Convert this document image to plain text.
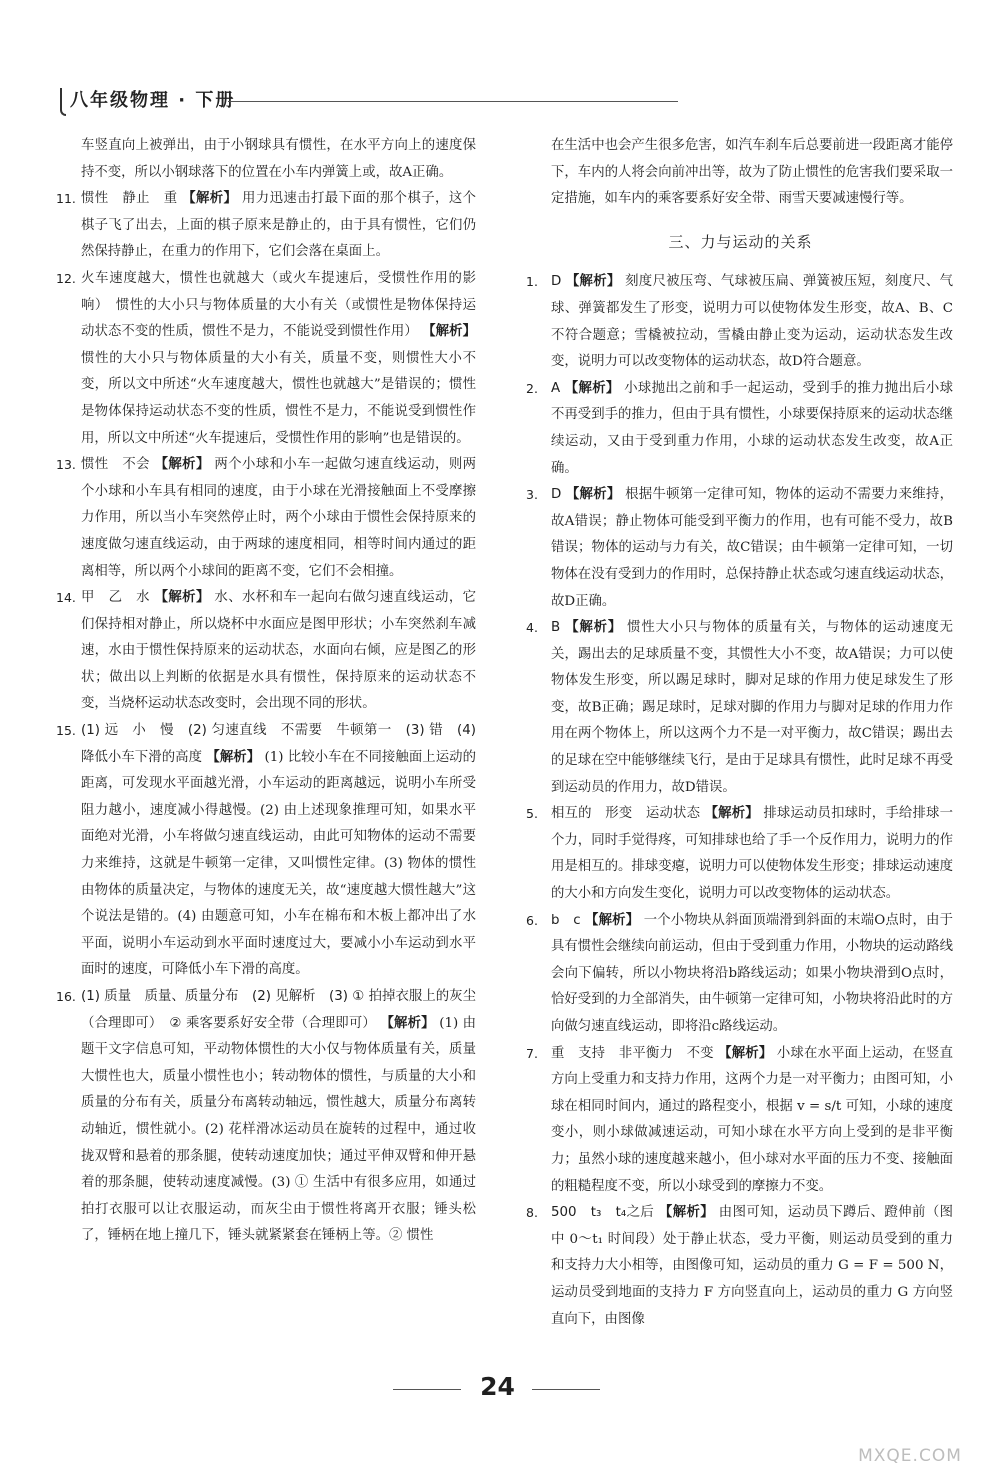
八年级物理 · 下册

车竖直向上被弹出，由于小钢球具有惯性，在水平方向上的速度保持不变，所以小钢球落下的位置在小车内弹簧上或，故A正确。

11. 惯性　静止　重 【解析】 用力迅速击打最下面的那个棋子，这个棋子飞了出去，上面的棋子原来是静止的，由于具有惯性，它们仍然保持静止，在重力的作用下，它们会落在桌面上。

12. 火车速度越大，惯性也就越大（或火车提速后，受惯性作用的影响）　惯性的大小只与物体质量的大小有关（或惯性是物体保持运动状态不变的性质，惯性不是力，不能说受到惯性作用） 【解析】 惯性的大小只与物体质量的大小有关，质量不变，则惯性大小不变，所以文中所述“火车速度越大，惯性也就越大”是错误的；惯性是物体保持运动状态不变的性质，惯性不是力，不能说受到惯性作用，所以文中所述“火车提速后，受惯性作用的影响”也是错误的。

13. 惯性　不会 【解析】 两个小球和小车一起做匀速直线运动，则两个小球和小车具有相同的速度，由于小球在光滑接触面上不受摩擦力作用，所以当小车突然停止时，两个小球由于惯性会保持原来的速度做匀速直线运动，由于两球的速度相同，相等时间内通过的距离相等，所以两个小球间的距离不变，它们不会相撞。

14. 甲　乙　水 【解析】 水、水杯和车一起向右做匀速直线运动，它们保持相对静止，所以烧杯中水面应是图甲形状；小车突然刹车减速，水由于惯性保持原来的运动状态，水面向右倾，应是图乙的形状；做出以上判断的依据是水具有惯性，保持原来的运动状态不变，当烧杯运动状态改变时，会出现不同的形状。

15. (1) 远　小　慢　(2) 匀速直线　不需要　牛顿第一　(3) 错　(4) 降低小车下滑的高度 【解析】 (1) 比较小车在不同接触面上运动的距离，可发现水平面越光滑，小车运动的距离越远，说明小车所受阻力越小，速度减小得越慢。(2) 由上述现象推理可知，如果水平面绝对光滑，小车将做匀速直线运动，由此可知物体的运动不需要力来维持，这就是牛顿第一定律，又叫惯性定律。(3) 物体的惯性由物体的质量决定，与物体的速度无关，故“速度越大惯性越大”这个说法是错的。(4) 由题意可知，小车在棉布和木板上都冲出了水平面，说明小车运动到水平面时速度过大，要减小小车运动到水平面时的速度，可降低小车下滑的高度。

16. (1) 质量　质量、质量分布　(2) 见解析　(3) ① 拍掉衣服上的灰尘（合理即可）　② 乘客要系好安全带（合理即可） 【解析】 (1) 由题干文字信息可知，平动物体惯性的大小仅与物体质量有关，质量大惯性也大，质量小惯性也小；转动物体的惯性，与质量的大小和质量的分布有关，质量分布离转动轴远，惯性越大，质量分布离转动轴近，惯性就小。(2) 花样滑冰运动员在旋转的过程中，通过收拢双臂和悬着的那条腿，使转动速度加快；通过平伸双臂和伸开悬着的那条腿，使转动速度减慢。(3) ① 生活中有很多应用，如通过拍打衣服可以让衣服运动，而灰尘由于惯性将离开衣服；锤头松了，锤柄在地上撞几下，锤头就紧紧套在锤柄上等。② 惯性

在生活中也会产生很多危害，如汽车刹车后总要前进一段距离才能停下，车内的人将会向前冲出等，故为了防止惯性的危害我们要采取一定措施，如车内的乘客要系好安全带、雨雪天要减速慢行等。

三、力与运动的关系

1. D 【解析】 刻度尺被压弯、气球被压扁、弹簧被压短，刻度尺、气球、弹簧都发生了形变，说明力可以使物体发生形变，故A、B、C不符合题意；雪橇被拉动，雪橇由静止变为运动，运动状态发生改变，说明力可以改变物体的运动状态，故D符合题意。

2. A 【解析】 小球抛出之前和手一起运动，受到手的推力抛出后小球不再受到手的推力，但由于具有惯性，小球要保持原来的运动状态继续运动，又由于受到重力作用，小球的运动状态发生改变，故A正确。

3. D 【解析】 根据牛顿第一定律可知，物体的运动不需要力来维持，故A错误；静止物体可能受到平衡力的作用，也有可能不受力，故B错误；物体的运动与力有关，故C错误；由牛顿第一定律可知，一切物体在没有受到力的作用时，总保持静止状态或匀速直线运动状态，故D正确。

4. B 【解析】 惯性大小只与物体的质量有关，与物体的运动速度无关，踢出去的足球质量不变，其惯性大小不变，故A错误；力可以使物体发生形变，所以踢足球时，脚对足球的作用力使足球发生了形变，故B正确；踢足球时，足球对脚的作用力与脚对足球的作用力作用在两个物体上，所以这两个力不是一对平衡力，故C错误；踢出去的足球在空中能够继续飞行，是由于足球具有惯性，此时足球不再受到运动员的作用力，故D错误。

5. 相互的　形变　运动状态 【解析】 排球运动员扣球时，手给排球一个力，同时手觉得疼，可知排球也给了手一个反作用力，说明力的作用是相互的。排球变瘪，说明力可以使物体发生形变；排球运动速度的大小和方向发生变化，说明力可以改变物体的运动状态。

6. b　c 【解析】 一个小物块从斜面顶端滑到斜面的末端O点时，由于具有惯性会继续向前运动，但由于受到重力作用，小物块的运动路线会向下偏转，所以小物块将沿b路线运动；如果小物块滑到O点时，恰好受到的力全部消失，由牛顿第一定律可知，小物块将沿此时的方向做匀速直线运动，即将沿c路线运动。

7. 重　支持　非平衡力　不变 【解析】 小球在水平面上运动，在竖直方向上受重力和支持力作用，这两个力是一对平衡力；由图可知，小球在相同时间内，通过的路程变小，根据 v = s/t 可知，小球的速度变小，则小球做减速运动，可知小球在水平方向上受到的是非平衡力；虽然小球的速度越来越小，但小球对水平面的压力不变、接触面的粗糙程度不变，所以小球受到的摩擦力不变。

8. 500　t₃　t₄之后 【解析】 由图可知，运动员下蹲后、蹬伸前（图中 0～t₁ 时间段）处于静止状态，受力平衡，则运动员受到的重力和支持力大小相等，由图像可知，运动员的重力 G = F = 500 N，运动员受到地面的支持力 F 方向竖直向上，运动员的重力 G 方向竖直向下，由图像

24
MXQE.COM
